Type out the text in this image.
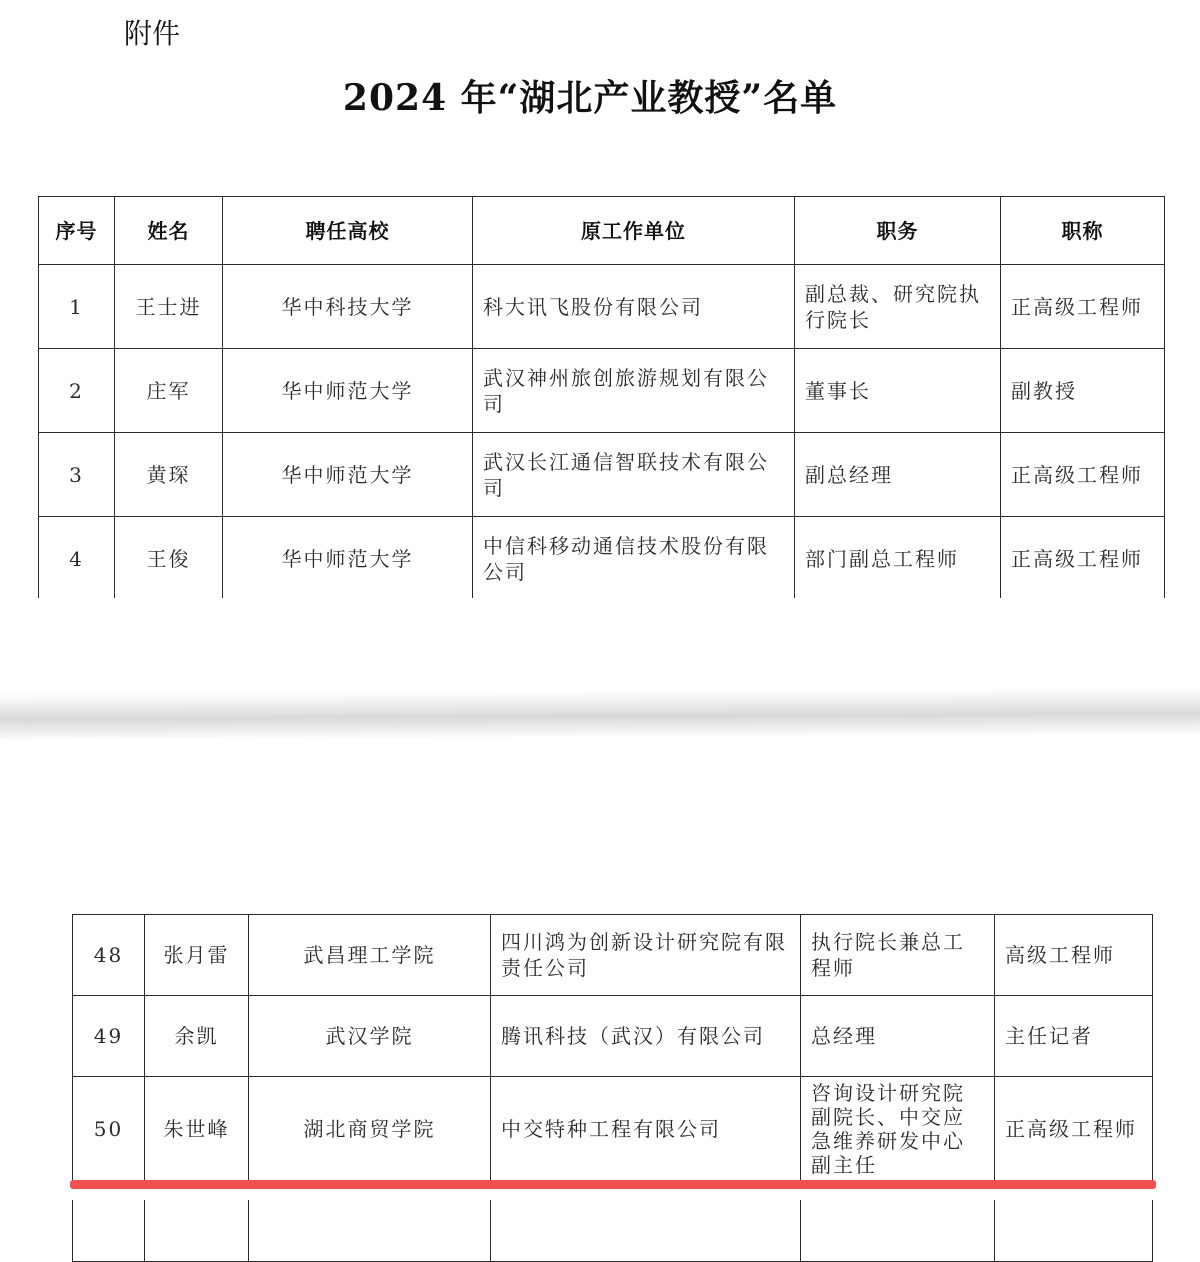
附件
2024 年“湖北产业教授”名单
序号	姓名	聘任高校	原工作单位	职务	职称
1	王士进	华中科技大学	科大讯飞股份有限公司	副总裁、研究院执行院长	正高级工程师
2	庄军	华中师范大学	武汉神州旅创旅游规划有限公司	董事长	副教授
3	黄琛	华中师范大学	武汉长江通信智联技术有限公司	副总经理	正高级工程师
4	王俊	华中师范大学	中信科移动通信技术股份有限公司	部门副总工程师	正高级工程师

48	张月雷	武昌理工学院	四川鸿为创新设计研究院有限责任公司	执行院长兼总工程师	高级工程师
49	余凯	武汉学院	腾讯科技（武汉）有限公司	总经理	主任记者
50	朱世峰	湖北商贸学院	中交特种工程有限公司	咨询设计研究院副院长、中交应急维养研发中心副主任	正高级工程师
